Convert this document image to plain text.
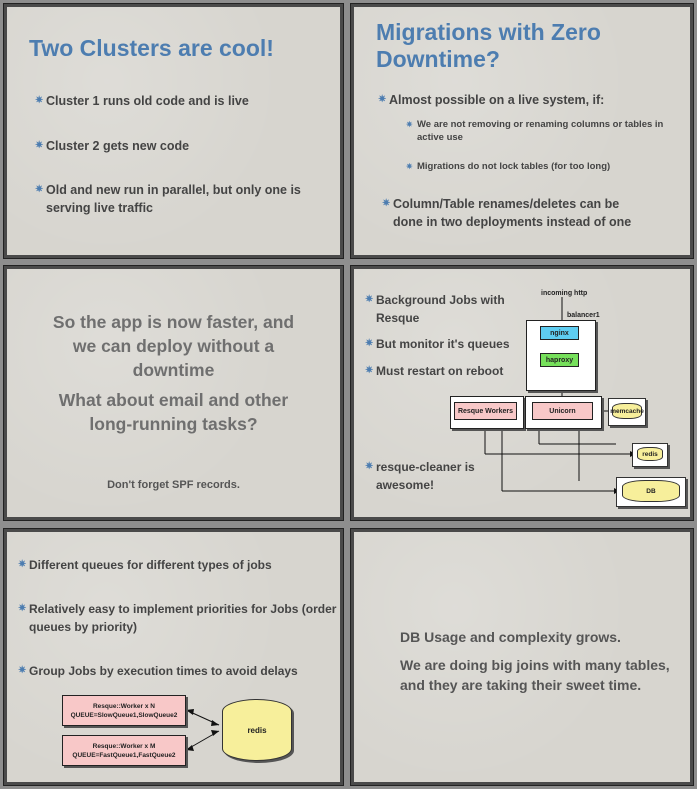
Two Clusters are cool!
✷ Cluster 1 runs old code and is live
✷ Cluster 2 gets new code
✷ Old and new run in parallel, but only one is serving live traffic
Migrations with Zero Downtime?
✷ Almost possible on a live system, if:
✷ We are not removing or renaming columns or tables in active use
✷ Migrations do not lock tables (for too long)
✷ Column/Table renames/deletes can be done in two deployments instead of one
So the app is now faster, and we can deploy without a downtime
What about email and other long-running tasks?
Don't forget SPF records.
✷ Background Jobs with Resque
✷ But monitor it's queues
✷ Must restart on reboot
✷ resque-cleaner is awesome!
incoming http
balancer1
nginx
haproxy
Resque Workers	Unicorn	memcache
redis
DB
✷ Different queues for different types of jobs
✷ Relatively easy to implement priorities for Jobs (order queues by priority)
✷ Group Jobs by execution times to avoid delays
Resque::Worker x N
QUEUE=SlowQueue1,SlowQueue2
Resque::Worker x M
QUEUE=FastQueue1,FastQueue2
redis
DB Usage and complexity grows.
We are doing big joins with many tables, and they are taking their sweet time.
